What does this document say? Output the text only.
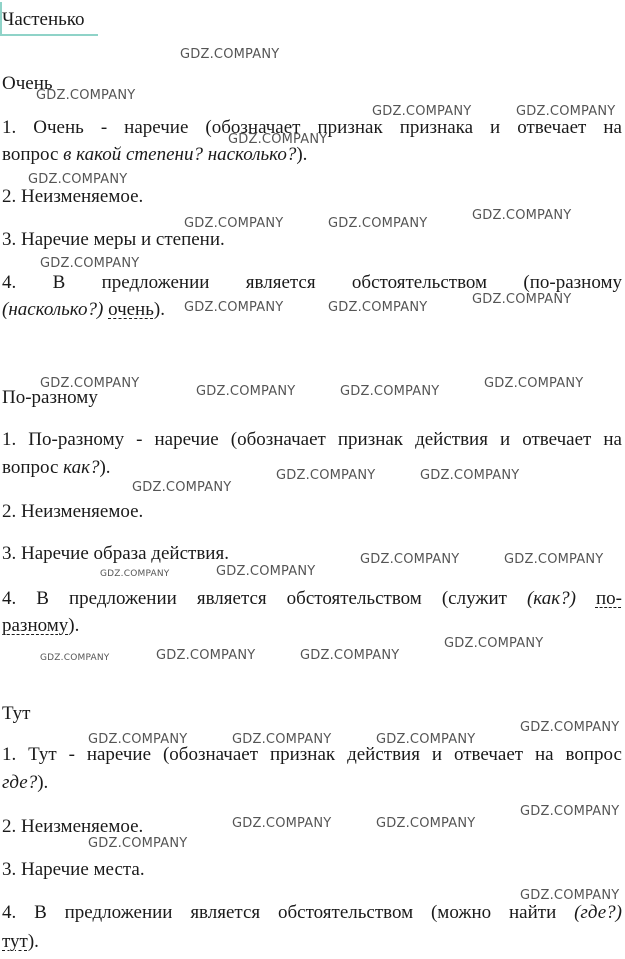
Частенько
Очень
1. Очень - наречие (обозначает признак признака и отвечает на
вопрос в какой степени? насколько?).
2. Неизменяемое.
3. Наречие меры и степени.
4. В предложении является обстоятельством (по-разному
(насколько?) очень).
По-разному
1. По-разному - наречие (обозначает признак действия и отвечает на
вопрос как?).
2. Неизменяемое.
3. Наречие образа действия.
4. В предложении является обстоятельством (служит (как?) по-
разному).
Тут
1. Тут - наречие (обозначает признак действия и отвечает на вопрос
где?).
2. Неизменяемое.
3. Наречие места.
4. В предложении является обстоятельством (можно найти (где?)
тут).
GDZ.COMPANY
GDZ.COMPANY
GDZ.COMPANY	GDZ.COMPANY
GDZ.COMPANY
GDZ.COMPANY
GDZ.COMPANY	GDZ.COMPANY
GDZ.COMPANY
GDZ.COMPANY
GDZ.COMPANY
GDZ.COMPANY	GDZ.COMPANY
GDZ.COMPANY
GDZ.COMPANY	GDZ.COMPANY
GDZ.COMPANY
GDZ.COMPANY	GDZ.COMPANY
GDZ.COMPANY
GDZ.COMPANY	GDZ.COMPANY
GDZ.COMPANY
GDZ.COMPANY
GDZ.COMPANY
GDZ.COMPANY	GDZ.COMPANY
GDZ.COMPANY
GDZ.COMPANY
GDZ.COMPANY	GDZ.COMPANY	GDZ.COMPANY
GDZ.COMPANY
GDZ.COMPANY	GDZ.COMPANY
GDZ.COMPANY
GDZ.COMPANY
